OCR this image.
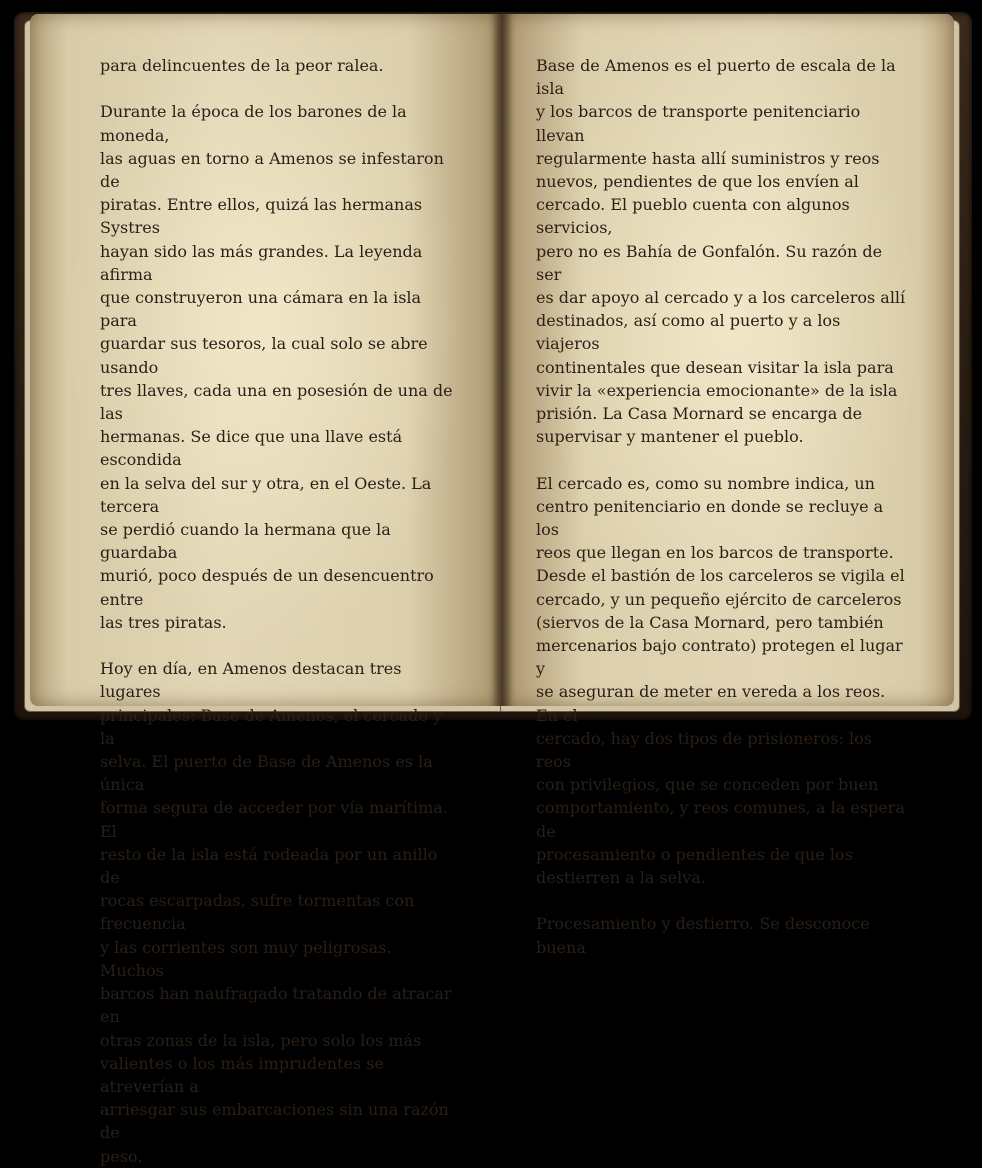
para delincuentes de la peor ralea.

Durante la época de los barones de la moneda,
las aguas en torno a Amenos se infestaron de
piratas. Entre ellos, quizá las hermanas Systres
hayan sido las más grandes. La leyenda afirma
que construyeron una cámara en la isla para
guardar sus tesoros, la cual solo se abre usando
tres llaves, cada una en posesión de una de las
hermanas. Se dice que una llave está escondida
en la selva del sur y otra, en el Oeste. La tercera
se perdió cuando la hermana que la guardaba
murió, poco después de un desencuentro entre
las tres piratas.

Hoy en día, en Amenos destacan tres lugares
principales: Base de Amenos, el cercado y la
selva. El puerto de Base de Amenos es la única
forma segura de acceder por vía marítima. El
resto de la isla está rodeada por un anillo de
rocas escarpadas, sufre tormentas con frecuencia
y las corrientes son muy peligrosas. Muchos
barcos han naufragado tratando de atracar en
otras zonas de la isla, pero solo los más
valientes o los más imprudentes se atreverían a
arriesgar sus embarcaciones sin una razón de
peso.

Base de Amenos es el puerto de escala de la isla
y los barcos de transporte penitenciario llevan
regularmente hasta allí suministros y reos
nuevos, pendientes de que los envíen al
cercado. El pueblo cuenta con algunos servicios,
pero no es Bahía de Gonfalón. Su razón de ser
es dar apoyo al cercado y a los carceleros allí
destinados, así como al puerto y a los viajeros
continentales que desean visitar la isla para
vivir la «experiencia emocionante» de la isla
prisión. La Casa Mornard se encarga de
supervisar y mantener el pueblo.

El cercado es, como su nombre indica, un
centro penitenciario en donde se recluye a los
reos que llegan en los barcos de transporte.
Desde el bastión de los carceleros se vigila el
cercado, y un pequeño ejército de carceleros
(siervos de la Casa Mornard, pero también
mercenarios bajo contrato) protegen el lugar y
se aseguran de meter en vereda a los reos. En el
cercado, hay dos tipos de prisioneros: los reos
con privilegios, que se conceden por buen
comportamiento, y reos comunes, a la espera de
procesamiento o pendientes de que los
destierren a la selva.

Procesamiento y destierro. Se desconoce buena
